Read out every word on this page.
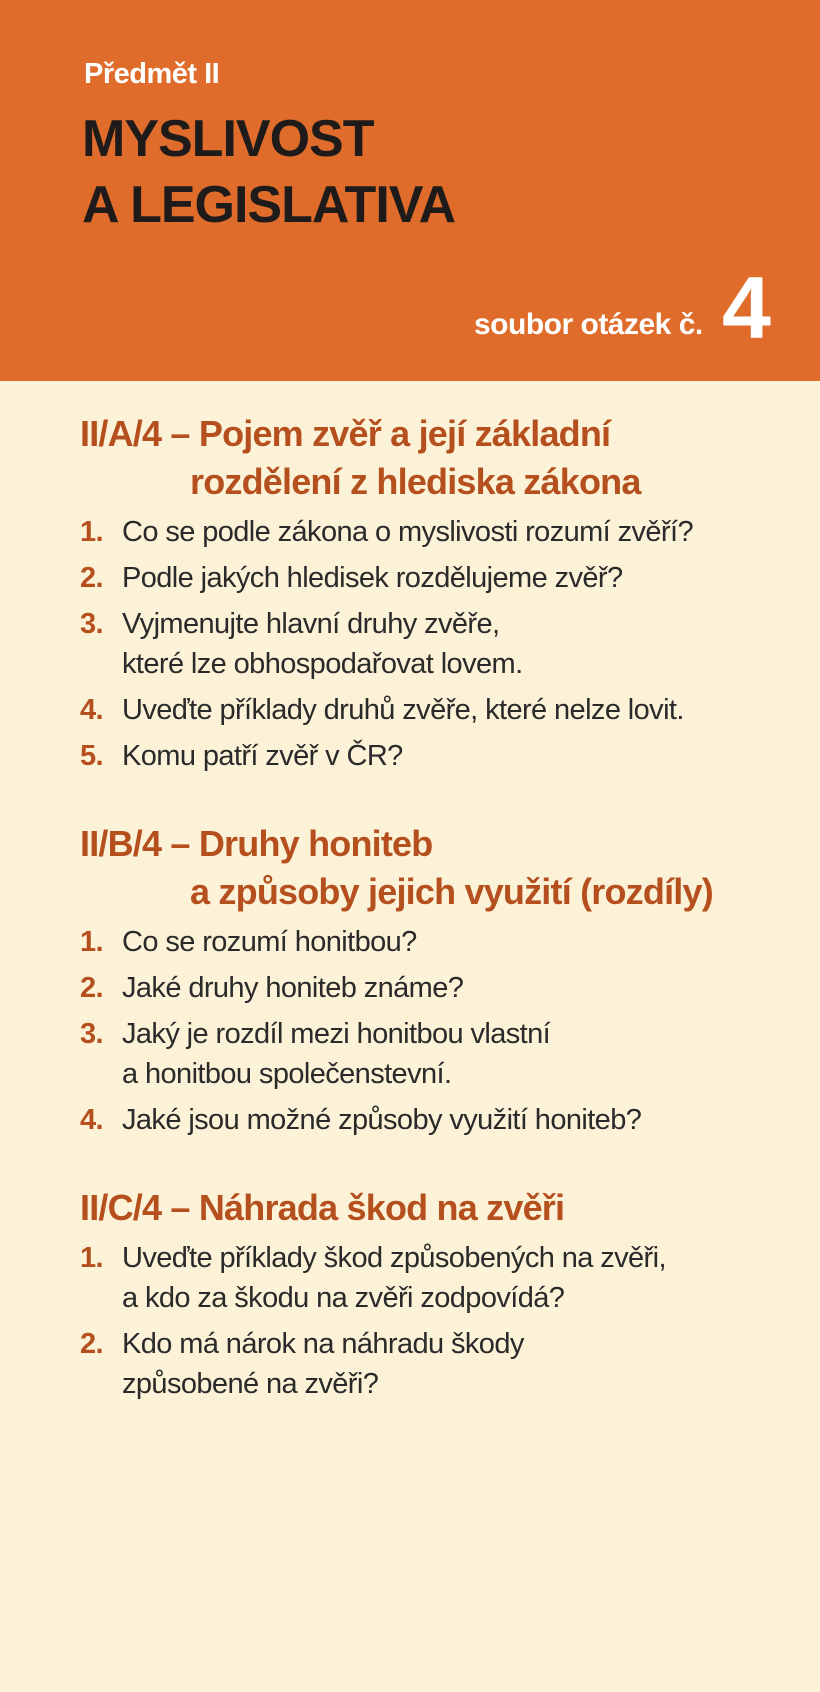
Předmět II
MYSLIVOST
A LEGISLATIVA
soubor otázek č. 4
II/A/4 – Pojem zvěř a její základní
rozdělení z hlediska zákona
1. Co se podle zákona o myslivosti rozumí zvěří?
2. Podle jakých hledisek rozdělujeme zvěř?
3. Vyjmenujte hlavní druhy zvěře,
které lze obhospodařovat lovem.
4. Uveďte příklady druhů zvěře, které nelze lovit.
5. Komu patří zvěř v ČR?
II/B/4 – Druhy honiteb
a způsoby jejich využití (rozdíly)
1. Co se rozumí honitbou?
2. Jaké druhy honiteb známe?
3. Jaký je rozdíl mezi honitbou vlastní
a honitbou společenstevní.
4. Jaké jsou možné způsoby využití honiteb?
II/C/4 – Náhrada škod na zvěři
1. Uveďte příklady škod způsobených na zvěři,
a kdo za škodu na zvěři zodpovídá?
2. Kdo má nárok na náhradu škody
způsobené na zvěři?
